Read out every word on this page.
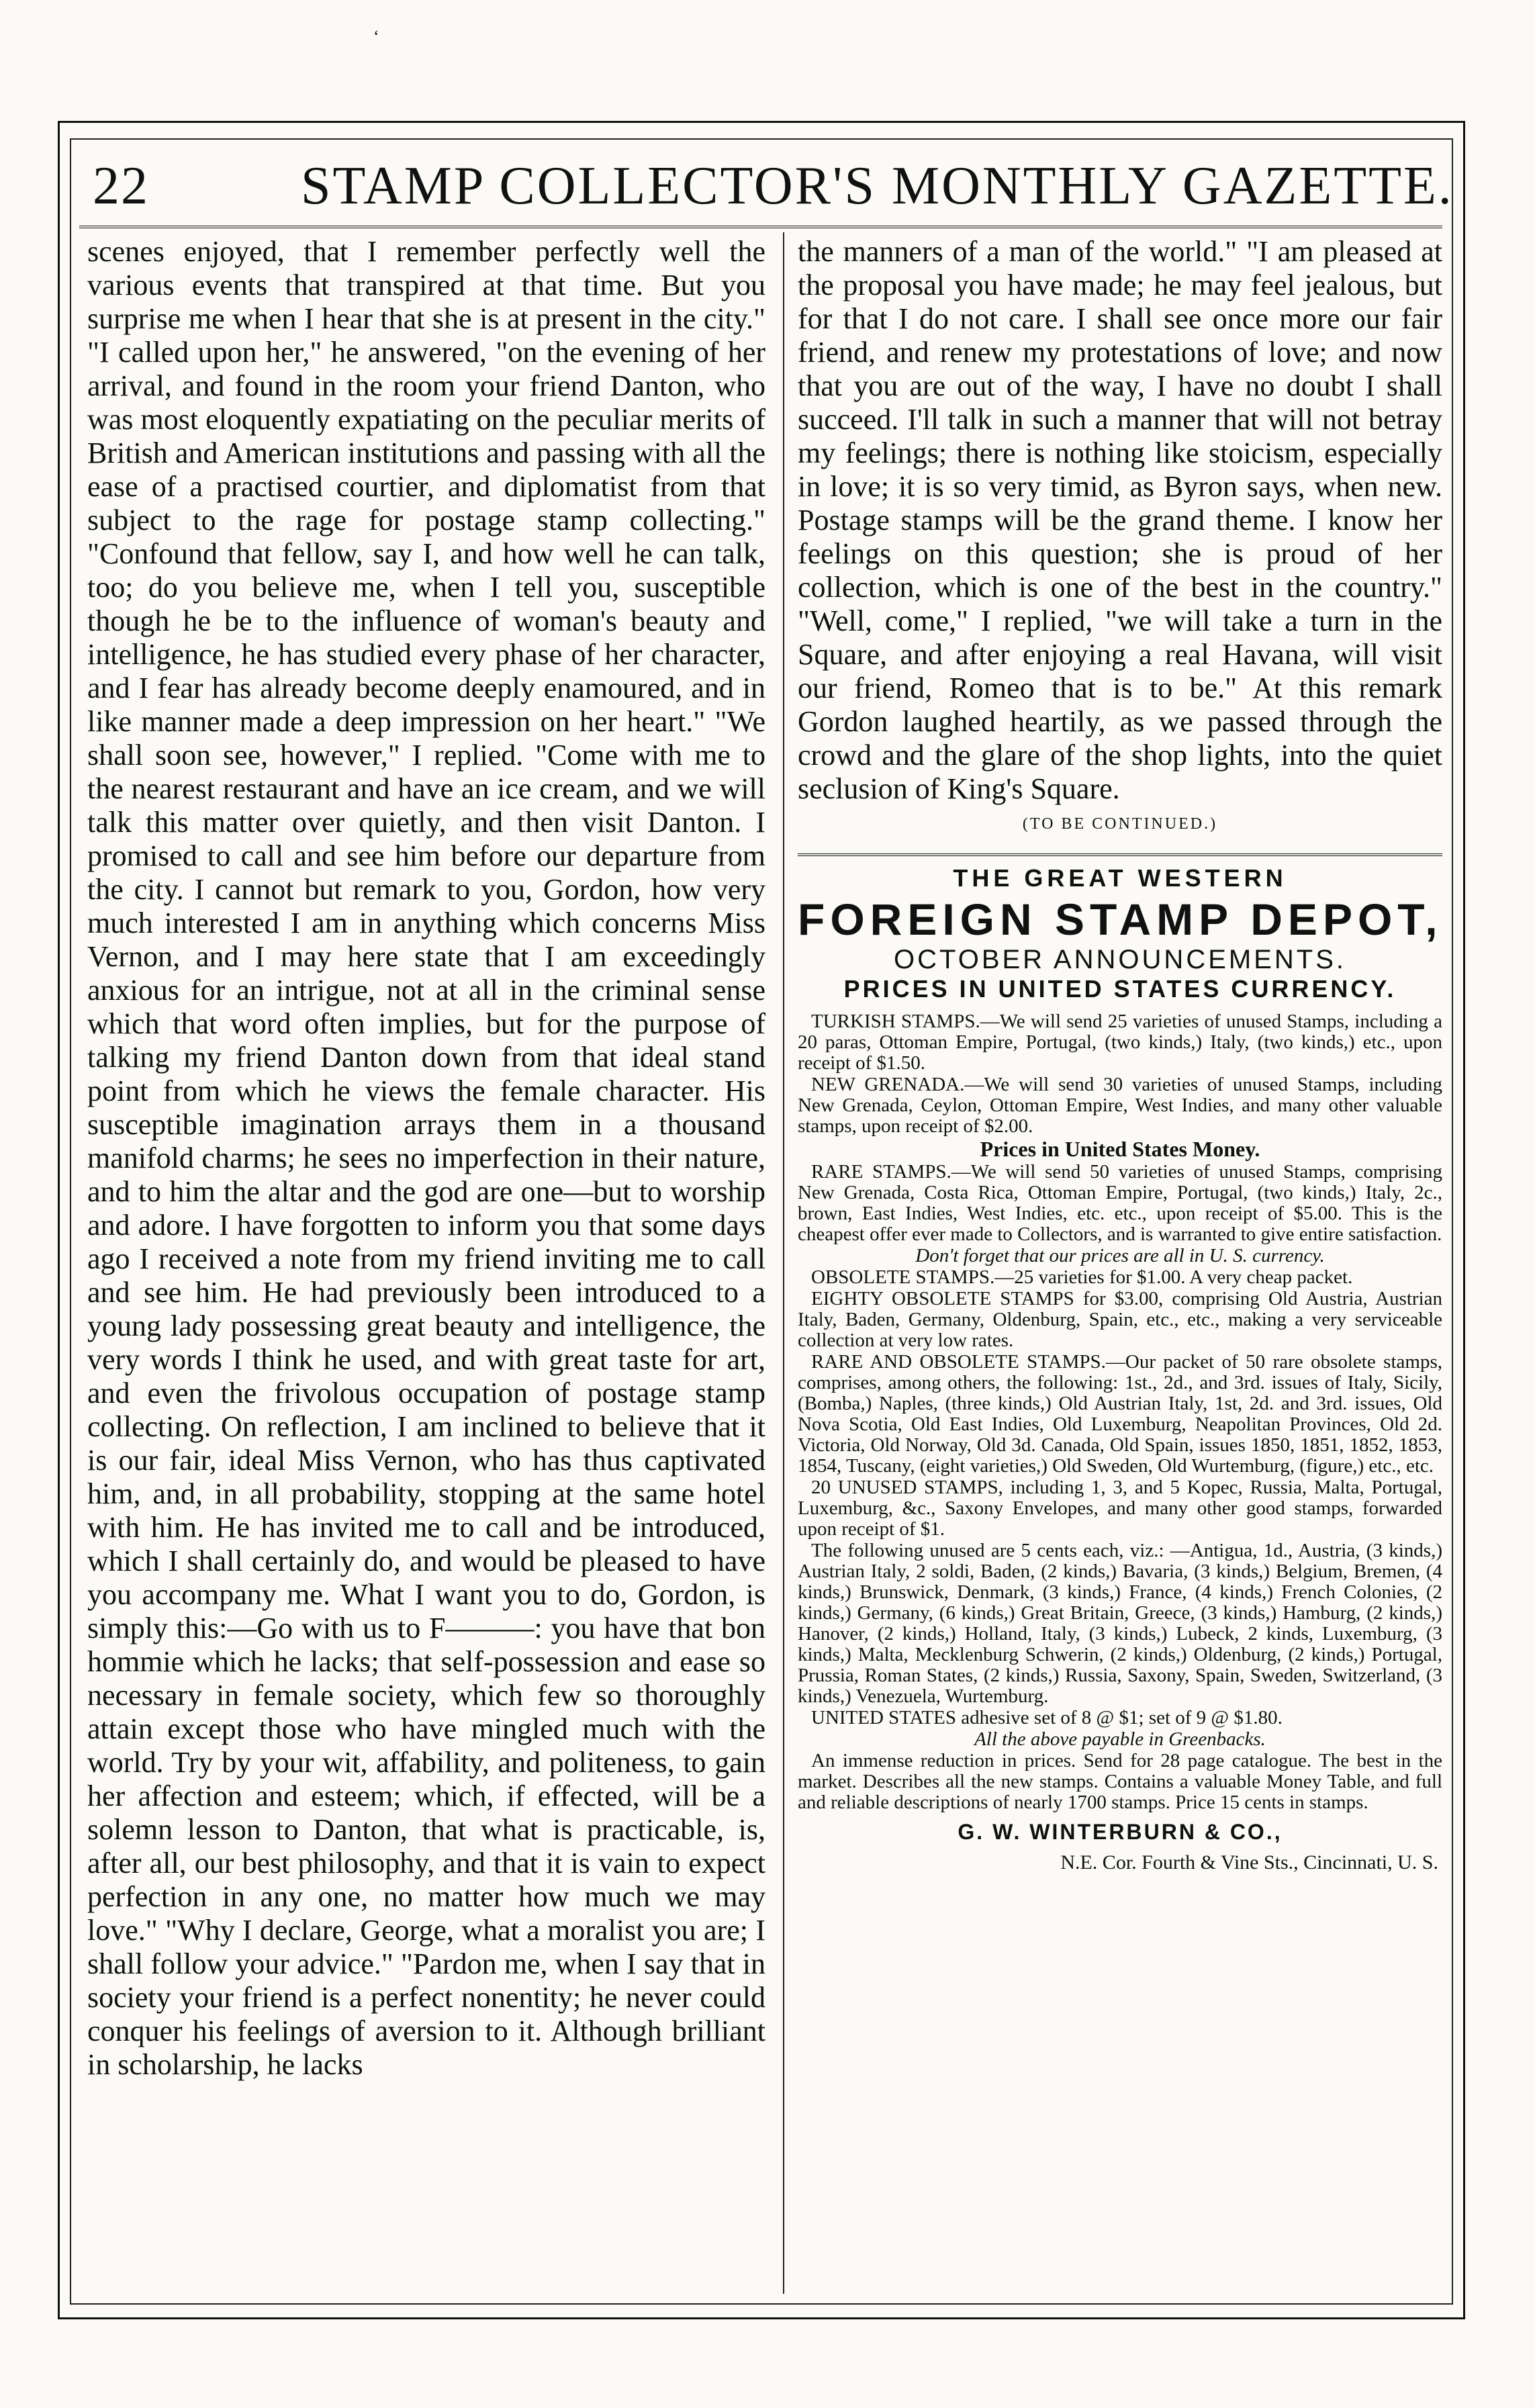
‘
22	STAMP COLLECTOR'S MONTHLY GAZETTE.

scenes enjoyed, that I remember perfectly well the various events that transpired at that time. But you surprise me when I hear that she is at present in the city." "I called upon her," he answered, "on the evening of her arrival, and found in the room your friend Danton, who was most eloquently expatiating on the peculiar merits of British and American institutions and passing with all the ease of a practised courtier, and diplomatist from that subject to the rage for postage stamp collecting." "Confound that fellow, say I, and how well he can talk, too; do you believe me, when I tell you, susceptible though he be to the influence of woman's beauty and intelligence, he has studied every phase of her character, and I fear has already become deeply enamoured, and in like manner made a deep impression on her heart." "We shall soon see, however," I replied. "Come with me to the nearest restaurant and have an ice cream, and we will talk this matter over quietly, and then visit Danton. I promised to call and see him before our departure from the city. I cannot but remark to you, Gordon, how very much interested I am in anything which concerns Miss Vernon, and I may here state that I am exceedingly anxious for an intrigue, not at all in the criminal sense which that word often implies, but for the purpose of talking my friend Danton down from that ideal stand point from which he views the female character. His susceptible imagination arrays them in a thousand manifold charms; he sees no imperfection in their nature, and to him the altar and the god are one—but to worship and adore. I have forgotten to inform you that some days ago I received a note from my friend inviting me to call and see him. He had previously been introduced to a young lady possessing great beauty and intelligence, the very words I think he used, and with great taste for art, and even the frivolous occupation of postage stamp collecting. On reflection, I am inclined to believe that it is our fair, ideal Miss Vernon, who has thus captivated him, and, in all probability, stopping at the same hotel with him. He has invited me to call and be introduced, which I shall certainly do, and would be pleased to have you accompany me. What I want you to do, Gordon, is simply this:—Go with us to F———: you have that bon hommie which he lacks; that self-possession and ease so necessary in female society, which few so thoroughly attain except those who have mingled much with the world. Try by your wit, affability, and politeness, to gain her affection and esteem; which, if effected, will be a solemn lesson to Danton, that what is practicable, is, after all, our best philosophy, and that it is vain to expect perfection in any one, no matter how much we may love." "Why I declare, George, what a moralist you are; I shall follow your advice." "Pardon me, when I say that in society your friend is a perfect nonentity; he never could conquer his feelings of aversion to it. Although brilliant in scholarship, he lacks

the manners of a man of the world." "I am pleased at the proposal you have made; he may feel jealous, but for that I do not care. I shall see once more our fair friend, and renew my protestations of love; and now that you are out of the way, I have no doubt I shall succeed. I'll talk in such a manner that will not betray my feelings; there is nothing like stoicism, especially in love; it is so very timid, as Byron says, when new. Postage stamps will be the grand theme. I know her feelings on this question; she is proud of her collection, which is one of the best in the country." "Well, come," I replied, "we will take a turn in the Square, and after enjoying a real Havana, will visit our friend, Romeo that is to be." At this remark Gordon laughed heartily, as we passed through the crowd and the glare of the shop lights, into the quiet seclusion of King's Square.

(TO BE CONTINUED.)
THE GREAT WESTERN
FOREIGN STAMP DEPOT,
OCTOBER ANNOUNCEMENTS.
PRICES IN UNITED STATES CURRENCY.

TURKISH STAMPS.—We will send 25 varieties of unused Stamps, including a 20 paras, Ottoman Empire, Portugal, (two kinds,) Italy, (two kinds,) etc., upon receipt of $1.50.

NEW GRENADA.—We will send 30 varieties of unused Stamps, including New Grenada, Ceylon, Ottoman Empire, West Indies, and many other valuable stamps, upon receipt of $2.00.

Prices in United States Money.

RARE STAMPS.—We will send 50 varieties of unused Stamps, comprising New Grenada, Costa Rica, Ottoman Empire, Portugal, (two kinds,) Italy, 2c., brown, East Indies, West Indies, etc. etc., upon receipt of $5.00. This is the cheapest offer ever made to Collectors, and is warranted to give entire satisfaction.

Don't forget that our prices are all in U. S. currency.

OBSOLETE STAMPS.—25 varieties for $1.00. A very cheap packet.

EIGHTY OBSOLETE STAMPS for $3.00, comprising Old Austria, Austrian Italy, Baden, Germany, Oldenburg, Spain, etc., etc., making a very serviceable collection at very low rates.

RARE AND OBSOLETE STAMPS.—Our packet of 50 rare obsolete stamps, comprises, among others, the following: 1st., 2d., and 3rd. issues of Italy, Sicily, (Bomba,) Naples, (three kinds,) Old Austrian Italy, 1st, 2d. and 3rd. issues, Old Nova Scotia, Old East Indies, Old Luxemburg, Neapolitan Provinces, Old 2d. Victoria, Old Norway, Old 3d. Canada, Old Spain, issues 1850, 1851, 1852, 1853, 1854, Tuscany, (eight varieties,) Old Sweden, Old Wurtemburg, (figure,) etc., etc.

20 UNUSED STAMPS, including 1, 3, and 5 Kopec, Russia, Malta, Portugal, Luxemburg, &c., Saxony Envelopes, and many other good stamps, forwarded upon receipt of $1.

The following unused are 5 cents each, viz.: —Antigua, 1d., Austria, (3 kinds,) Austrian Italy, 2 soldi, Baden, (2 kinds,) Bavaria, (3 kinds,) Belgium, Bremen, (4 kinds,) Brunswick, Denmark, (3 kinds,) France, (4 kinds,) French Colonies, (2 kinds,) Germany, (6 kinds,) Great Britain, Greece, (3 kinds,) Hamburg, (2 kinds,) Hanover, (2 kinds,) Holland, Italy, (3 kinds,) Lubeck, 2 kinds, Luxemburg, (3 kinds,) Malta, Mecklenburg Schwerin, (2 kinds,) Oldenburg, (2 kinds,) Portugal, Prussia, Roman States, (2 kinds,) Russia, Saxony, Spain, Sweden, Switzerland, (3 kinds,) Venezuela, Wurtemburg.

UNITED STATES adhesive set of 8 @ $1; set of 9 @ $1.80.

All the above payable in Greenbacks.

An immense reduction in prices. Send for 28 page catalogue. The best in the market. Describes all the new stamps. Contains a valuable Money Table, and full and reliable descriptions of nearly 1700 stamps. Price 15 cents in stamps.

G. W. WINTERBURN & CO.,
N.E. Cor. Fourth & Vine Sts., Cincinnati, U. S.
